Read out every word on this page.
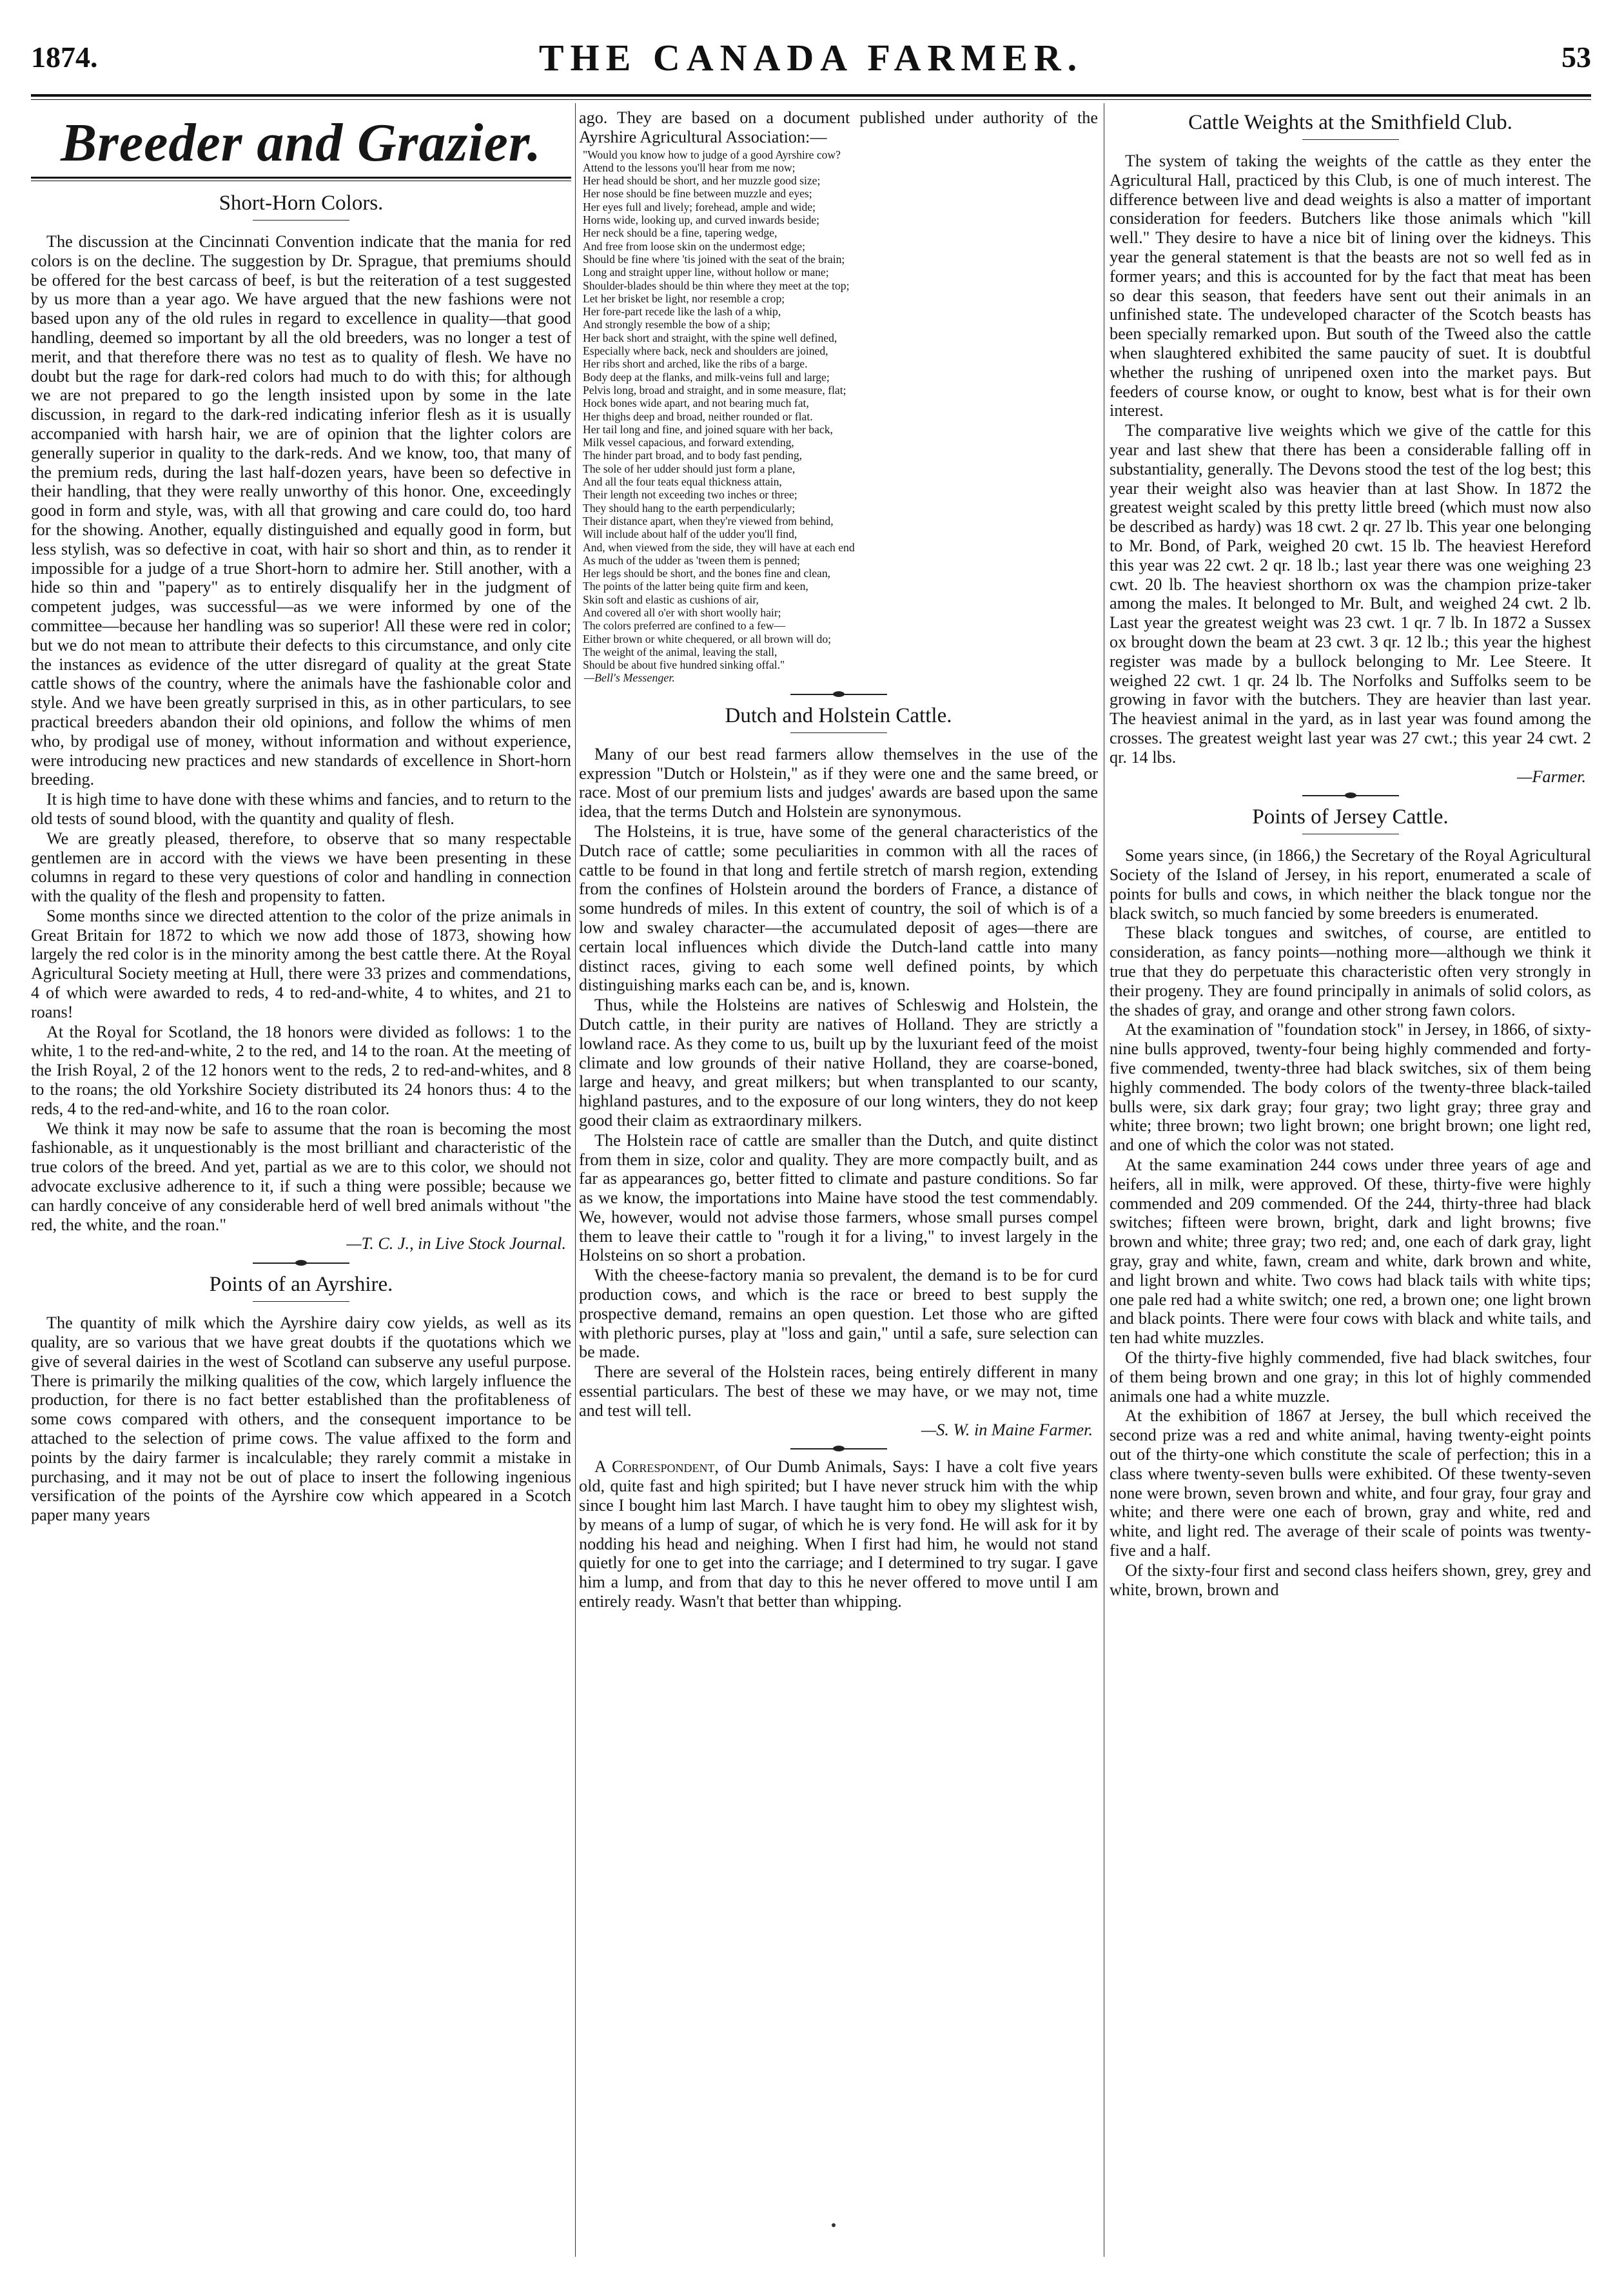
1874.	THE CANADA FARMER.	53
Breeder and Grazier.
Short-Horn Colors.

The discussion at the Cincinnati Convention indicate that the mania for red colors is on the decline. The suggestion by Dr. Sprague, that premiums should be offered for the best carcass of beef, is but the reiteration of a test suggested by us more than a year ago. We have argued that the new fashions were not based upon any of the old rules in regard to excellence in quality—that good handling, deemed so important by all the old breeders, was no longer a test of merit, and that therefore there was no test as to quality of flesh. We have no doubt but the rage for dark-red colors had much to do with this; for although we are not prepared to go the length insisted upon by some in the late discussion, in regard to the dark-red indicating inferior flesh as it is usually accompanied with harsh hair, we are of opinion that the lighter colors are generally superior in quality to the dark-reds. And we know, too, that many of the premium reds, during the last half-dozen years, have been so defective in their handling, that they were really unworthy of this honor. One, exceedingly good in form and style, was, with all that growing and care could do, too hard for the showing. Another, equally distinguished and equally good in form, but less stylish, was so defective in coat, with hair so short and thin, as to render it impossible for a judge of a true Short-horn to admire her. Still another, with a hide so thin and "papery" as to entirely disqualify her in the judgment of competent judges, was successful—as we were informed by one of the committee—because her handling was so superior! All these were red in color; but we do not mean to attribute their defects to this circumstance, and only cite the instances as evidence of the utter disregard of quality at the great State cattle shows of the country, where the animals have the fashionable color and style. And we have been greatly surprised in this, as in other particulars, to see practical breeders abandon their old opinions, and follow the whims of men who, by prodigal use of money, without information and without experience, were introducing new practices and new standards of excellence in Short-horn breeding.

It is high time to have done with these whims and fancies, and to return to the old tests of sound blood, with the quantity and quality of flesh.

We are greatly pleased, therefore, to observe that so many respectable gentlemen are in accord with the views we have been presenting in these columns in regard to these very questions of color and handling in connection with the quality of the flesh and propensity to fatten.

Some months since we directed attention to the color of the prize animals in Great Britain for 1872 to which we now add those of 1873, showing how largely the red color is in the minority among the best cattle there. At the Royal Agricultural Society meeting at Hull, there were 33 prizes and commendations, 4 of which were awarded to reds, 4 to red-and-white, 4 to whites, and 21 to roans!

At the Royal for Scotland, the 18 honors were divided as follows: 1 to the white, 1 to the red-and-white, 2 to the red, and 14 to the roan. At the meeting of the Irish Royal, 2 of the 12 honors went to the reds, 2 to red-and-whites, and 8 to the roans; the old Yorkshire Society distributed its 24 honors thus: 4 to the reds, 4 to the red-and-white, and 16 to the roan color.

We think it may now be safe to assume that the roan is becoming the most fashionable, as it unquestionably is the most brilliant and characteristic of the true colors of the breed. And yet, partial as we are to this color, we should not advocate exclusive adherence to it, if such a thing were possible; because we can hardly conceive of any considerable herd of well bred animals without "the red, the white, and the roan."

—T. C. J., in Live Stock Journal.
Points of an Ayrshire.

The quantity of milk which the Ayrshire dairy cow yields, as well as its quality, are so various that we have great doubts if the quotations which we give of several dairies in the west of Scotland can subserve any useful purpose. There is primarily the milking qualities of the cow, which largely influence the production, for there is no fact better established than the profitableness of some cows compared with others, and the consequent importance to be attached to the selection of prime cows. The value affixed to the form and points by the dairy farmer is incalculable; they rarely commit a mistake in purchasing, and it may not be out of place to insert the following ingenious versification of the points of the Ayrshire cow which appeared in a Scotch paper many years

ago. They are based on a document published under authority of the Ayrshire Agricultural Association:—

"Would you know how to judge of a good Ayrshire cow?

Attend to the lessons you'll hear from me now;

Her head should be short, and her muzzle good size;

Her nose should be fine between muzzle and eyes;

Her eyes full and lively; forehead, ample and wide;

Horns wide, looking up, and curved inwards beside;

Her neck should be a fine, tapering wedge,

And free from loose skin on the undermost edge;

Should be fine where 'tis joined with the seat of the brain;

Long and straight upper line, without hollow or mane;

Shoulder-blades should be thin where they meet at the top;

Let her brisket be light, nor resemble a crop;

Her fore-part recede like the lash of a whip,

And strongly resemble the bow of a ship;

Her back short and straight, with the spine well defined,

Especially where back, neck and shoulders are joined,

Her ribs short and arched, like the ribs of a barge.

Body deep at the flanks, and milk-veins full and large;

Pelvis long, broad and straight, and in some measure, flat;

Hock bones wide apart, and not bearing much fat,

Her thighs deep and broad, neither rounded or flat.

Her tail long and fine, and joined square with her back,

Milk vessel capacious, and forward extending,

The hinder part broad, and to body fast pending,

The sole of her udder should just form a plane,

And all the four teats equal thickness attain,

Their length not exceeding two inches or three;

They should hang to the earth perpendicularly;

Their distance apart, when they're viewed from behind,

Will include about half of the udder you'll find,

And, when viewed from the side, they will have at each end

As much of the udder as 'tween them is penned;

Her legs should be short, and the bones fine and clean,

The points of the latter being quite firm and keen,

Skin soft and elastic as cushions of air,

And covered all o'er with short woolly hair;

The colors preferred are confined to a few—

Either brown or white chequered, or all brown will do;

The weight of the animal, leaving the stall,

Should be about five hundred sinking offal."

—Bell's Messenger.
Dutch and Holstein Cattle.

Many of our best read farmers allow themselves in the use of the expression "Dutch or Holstein," as if they were one and the same breed, or race. Most of our premium lists and judges' awards are based upon the same idea, that the terms Dutch and Holstein are synonymous.

The Holsteins, it is true, have some of the general characteristics of the Dutch race of cattle; some peculiarities in common with all the races of cattle to be found in that long and fertile stretch of marsh region, extending from the confines of Holstein around the borders of France, a distance of some hundreds of miles. In this extent of country, the soil of which is of a low and swaley character—the accumulated deposit of ages—there are certain local influences which divide the Dutch-land cattle into many distinct races, giving to each some well defined points, by which distinguishing marks each can be, and is, known.

Thus, while the Holsteins are natives of Schleswig and Holstein, the Dutch cattle, in their purity are natives of Holland. They are strictly a lowland race. As they come to us, built up by the luxuriant feed of the moist climate and low grounds of their native Holland, they are coarse-boned, large and heavy, and great milkers; but when transplanted to our scanty, highland pastures, and to the exposure of our long winters, they do not keep good their claim as extraordinary milkers.

The Holstein race of cattle are smaller than the Dutch, and quite distinct from them in size, color and quality. They are more compactly built, and as far as appearances go, better fitted to climate and pasture conditions. So far as we know, the importations into Maine have stood the test commendably. We, however, would not advise those farmers, whose small purses compel them to leave their cattle to "rough it for a living," to invest largely in the Holsteins on so short a probation.

With the cheese-factory mania so prevalent, the demand is to be for curd production cows, and which is the race or breed to best supply the prospective demand, remains an open question. Let those who are gifted with plethoric purses, play at "loss and gain," until a safe, sure selection can be made.

There are several of the Holstein races, being entirely different in many essential particulars. The best of these we may have, or we may not, time and test will tell.

—S. W. in Maine Farmer.

A Correspondent, of Our Dumb Animals, Says: I have a colt five years old, quite fast and high spirited; but I have never struck him with the whip since I bought him last March. I have taught him to obey my slightest wish, by means of a lump of sugar, of which he is very fond. He will ask for it by nodding his head and neighing. When I first had him, he would not stand quietly for one to get into the carriage; and I determined to try sugar. I gave him a lump, and from that day to this he never offered to move until I am entirely ready. Wasn't that better than whipping.

Cattle Weights at the Smithfield Club.

The system of taking the weights of the cattle as they enter the Agricultural Hall, practiced by this Club, is one of much interest. The difference between live and dead weights is also a matter of important consideration for feeders. Butchers like those animals which "kill well." They desire to have a nice bit of lining over the kidneys. This year the general statement is that the beasts are not so well fed as in former years; and this is accounted for by the fact that meat has been so dear this season, that feeders have sent out their animals in an unfinished state. The undeveloped character of the Scotch beasts has been specially remarked upon. But south of the Tweed also the cattle when slaughtered exhibited the same paucity of suet. It is doubtful whether the rushing of unripened oxen into the market pays. But feeders of course know, or ought to know, best what is for their own interest.

The comparative live weights which we give of the cattle for this year and last shew that there has been a considerable falling off in substantiality, generally. The Devons stood the test of the log best; this year their weight also was heavier than at last Show. In 1872 the greatest weight scaled by this pretty little breed (which must now also be described as hardy) was 18 cwt. 2 qr. 27 lb. This year one belonging to Mr. Bond, of Park, weighed 20 cwt. 15 lb. The heaviest Hereford this year was 22 cwt. 2 qr. 18 lb.; last year there was one weighing 23 cwt. 20 lb. The heaviest shorthorn ox was the champion prize-taker among the males. It belonged to Mr. Bult, and weighed 24 cwt. 2 lb. Last year the greatest weight was 23 cwt. 1 qr. 7 lb. In 1872 a Sussex ox brought down the beam at 23 cwt. 3 qr. 12 lb.; this year the highest register was made by a bullock belonging to Mr. Lee Steere. It weighed 22 cwt. 1 qr. 24 lb. The Norfolks and Suffolks seem to be growing in favor with the butchers. They are heavier than last year. The heaviest animal in the yard, as in last year was found among the crosses. The greatest weight last year was 27 cwt.; this year 24 cwt. 2 qr. 14 lbs.

—Farmer.
Points of Jersey Cattle.

Some years since, (in 1866,) the Secretary of the Royal Agricultural Society of the Island of Jersey, in his report, enumerated a scale of points for bulls and cows, in which neither the black tongue nor the black switch, so much fancied by some breeders is enumerated.

These black tongues and switches, of course, are entitled to consideration, as fancy points—nothing more—although we think it true that they do perpetuate this characteristic often very strongly in their progeny. They are found principally in animals of solid colors, as the shades of gray, and orange and other strong fawn colors.

At the examination of "foundation stock" in Jersey, in 1866, of sixty-nine bulls approved, twenty-four being highly commended and forty-five commended, twenty-three had black switches, six of them being highly commended. The body colors of the twenty-three black-tailed bulls were, six dark gray; four gray; two light gray; three gray and white; three brown; two light brown; one bright brown; one light red, and one of which the color was not stated.

At the same examination 244 cows under three years of age and heifers, all in milk, were approved. Of these, thirty-five were highly commended and 209 commended. Of the 244, thirty-three had black switches; fifteen were brown, bright, dark and light browns; five brown and white; three gray; two red; and, one each of dark gray, light gray, gray and white, fawn, cream and white, dark brown and white, and light brown and white. Two cows had black tails with white tips; one pale red had a white switch; one red, a brown one; one light brown and black points. There were four cows with black and white tails, and ten had white muzzles.

Of the thirty-five highly commended, five had black switches, four of them being brown and one gray; in this lot of highly commended animals one had a white muzzle.

At the exhibition of 1867 at Jersey, the bull which received the second prize was a red and white animal, having twenty-eight points out of the thirty-one which constitute the scale of perfection; this in a class where twenty-seven bulls were exhibited. Of these twenty-seven none were brown, seven brown and white, and four gray, four gray and white; and there were one each of brown, gray and white, red and white, and light red. The average of their scale of points was twenty-five and a half.

Of the sixty-four first and second class heifers shown, grey, grey and white, brown, brown and
